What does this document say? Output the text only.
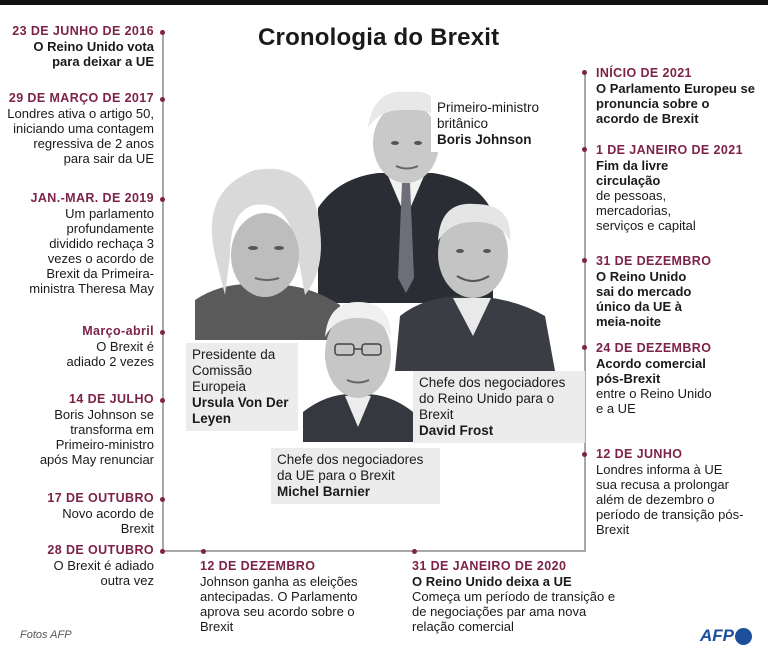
Cronologia do Brexit
23 DE JUNHO DE 2016
O Reino Unido vota para deixar a UE
29 DE MARÇO DE 2017
Londres ativa o artigo 50, iniciando uma contagem regressiva de 2 anos para sair da UE
JAN.-MAR. DE 2019
Um parlamento profundamente dividido rechaça 3 vezes o acordo de Brexit da Primeira-ministra Theresa May
Março-abril
O Brexit é adiado 2 vezes
14 DE JULHO
Boris Johnson se transforma em Primeiro-ministro após May renunciar
17 DE OUTUBRO
Novo acordo de Brexit
28 DE OUTUBRO
O Brexit é adiado outra vez
12 DE DEZEMBRO
Johnson ganha as eleições antecipadas. O Parlamento aprova seu acordo sobre o Brexit
31 DE JANEIRO DE 2020
O Reino Unido deixa a UE
Começa um período de transição e de negociações par ama nova relação comercial
INÍCIO DE 2021
O Parlamento Europeu se pronuncia sobre o acordo de Brexit
1 DE JANEIRO DE 2021
Fim da livre circulação
de pessoas, mercadorias, serviços e capital
31 DE DEZEMBRO
O Reino Unido sai do mercado único da UE à meia-noite
24 DE DEZEMBRO
Acordo comercial pós-Brexit
entre o Reino Unido e a UE
12 DE JUNHO
Londres informa à UE sua recusa a prolongar além de dezembro o período de transição pós-Brexit
Primeiro-ministro britânico
Boris Johnson
Presidente da Comissão Europeia
Ursula Von Der Leyen
Chefe dos negociadores do Reino Unido para o Brexit
David Frost
Chefe dos negociadores da UE para o Brexit
Michel Barnier
Fotos AFP	AFP
